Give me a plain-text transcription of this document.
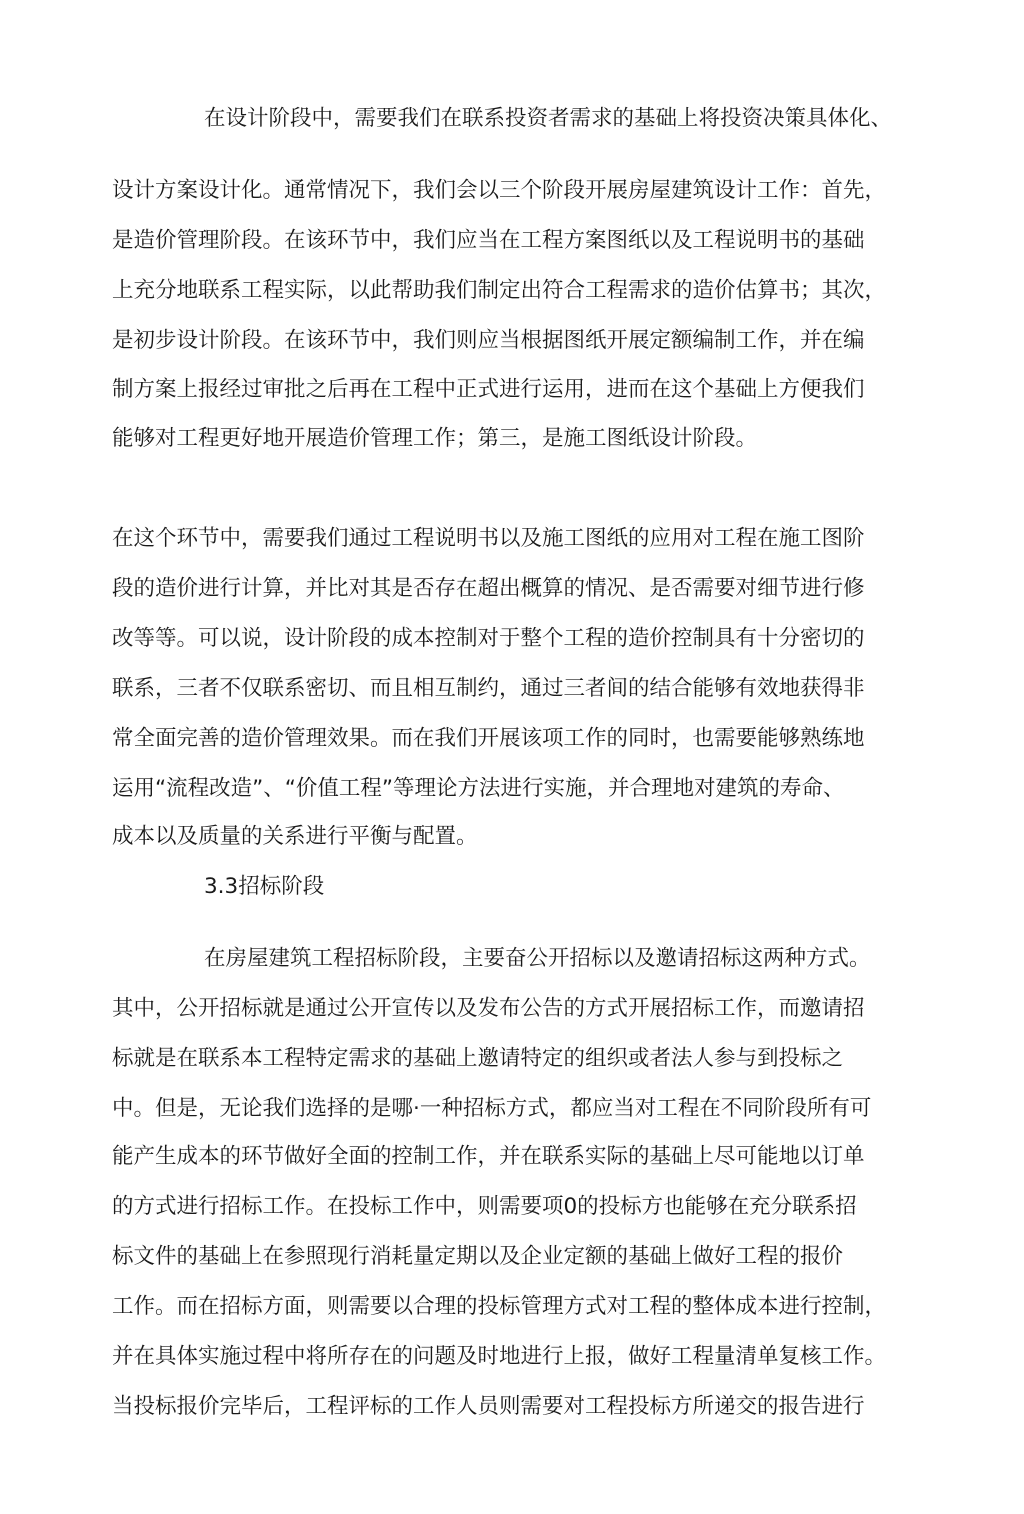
在设计阶段中，需要我们在联系投资者需求的基础上将投资决策具体化、
设计方案设计化。通常情况下，我们会以三个阶段开展房屋建筑设计工作：首先，
是造价管理阶段。在该环节中，我们应当在工程方案图纸以及工程说明书的基础
上充分地联系工程实际，以此帮助我们制定出符合工程需求的造价估算书；其次，
是初步设计阶段。在该环节中，我们则应当根据图纸开展定额编制工作，并在编
制方案上报经过审批之后再在工程中正式进行运用，进而在这个基础上方便我们
能够对工程更好地开展造价管理工作；第三，是施工图纸设计阶段。
在这个环节中，需要我们通过工程说明书以及施工图纸的应用对工程在施工图阶
段的造价进行计算，并比对其是否存在超出概算的情况、是否需要对细节进行修
改等等。可以说，设计阶段的成本控制对于整个工程的造价控制具有十分密切的
联系，三者不仅联系密切、而且相互制约，通过三者间的结合能够有效地获得非
常全面完善的造价管理效果。而在我们开展该项工作的同时，也需要能够熟练地
运用“流程改造”、“价值工程”等理论方法进行实施，并合理地对建筑的寿命、
成本以及质量的关系进行平衡与配置。
3.3招标阶段
在房屋建筑工程招标阶段，主要奋公开招标以及邀请招标这两种方式。
其中，公开招标就是通过公开宣传以及发布公告的方式开展招标工作，而邀请招
标就是在联系本工程特定需求的基础上邀请特定的组织或者法人参与到投标之
中。但是，无论我们选择的是哪·一种招标方式，都应当对工程在不同阶段所有可
能产生成本的环节做好全面的控制工作，并在联系实际的基础上尽可能地以订单
的方式进行招标工作。在投标工作中，则需要项0的投标方也能够在充分联系招
标文件的基础上在参照现行消耗量定期以及企业定额的基础上做好工程的报价
工作。而在招标方面，则需要以合理的投标管理方式对工程的整体成本进行控制，
并在具体实施过程中将所存在的问题及时地进行上报，做好工程量清单复核工作。
当投标报价完毕后，工程评标的工作人员则需要对工程投标方所递交的报告进行
